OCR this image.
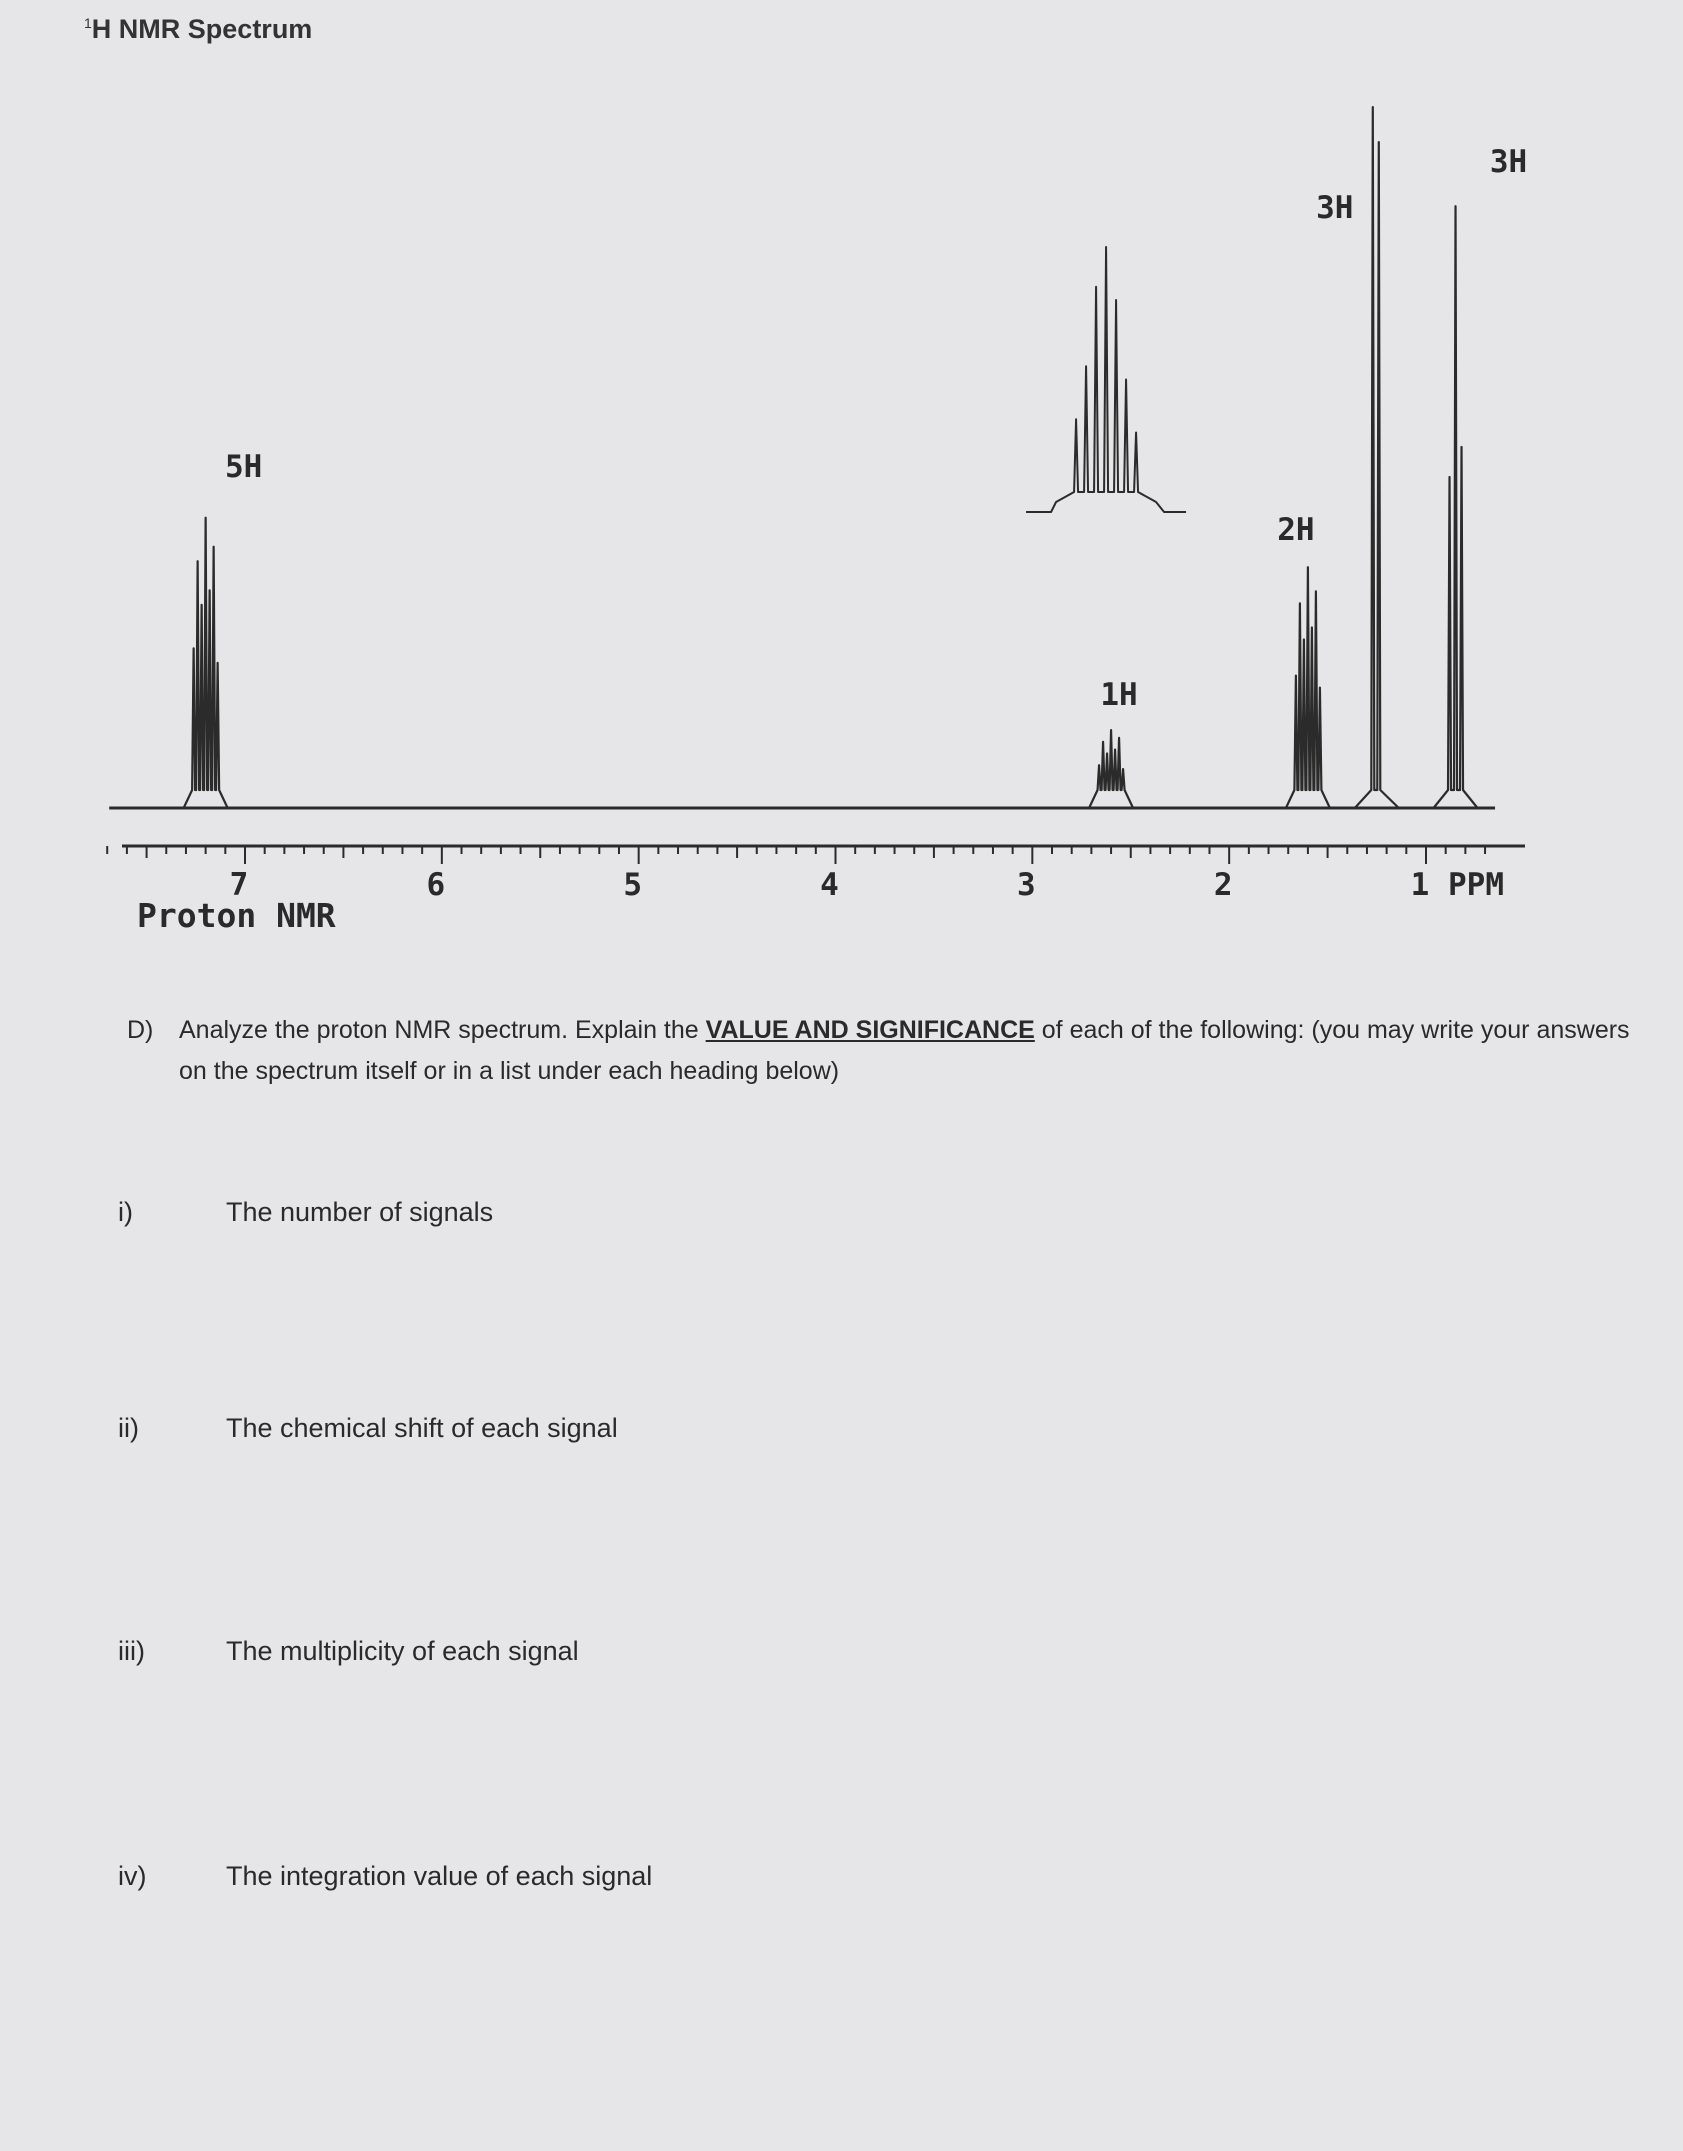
$^1$H NMR Spectrum
7	6	5	4	3	2	1
5H
1H
2H
3H
3H
Proton NMR
PPM
D) Analyze the proton NMR spectrum. Explain the VALUE AND SIGNIFICANCE of each of the following: (you may write your answers on the spectrum itself or in a list under each heading below)
i)	The number of signals
ii)	The chemical shift of each signal
iii)	The multiplicity of each signal
iv)	The integration value of each signal
